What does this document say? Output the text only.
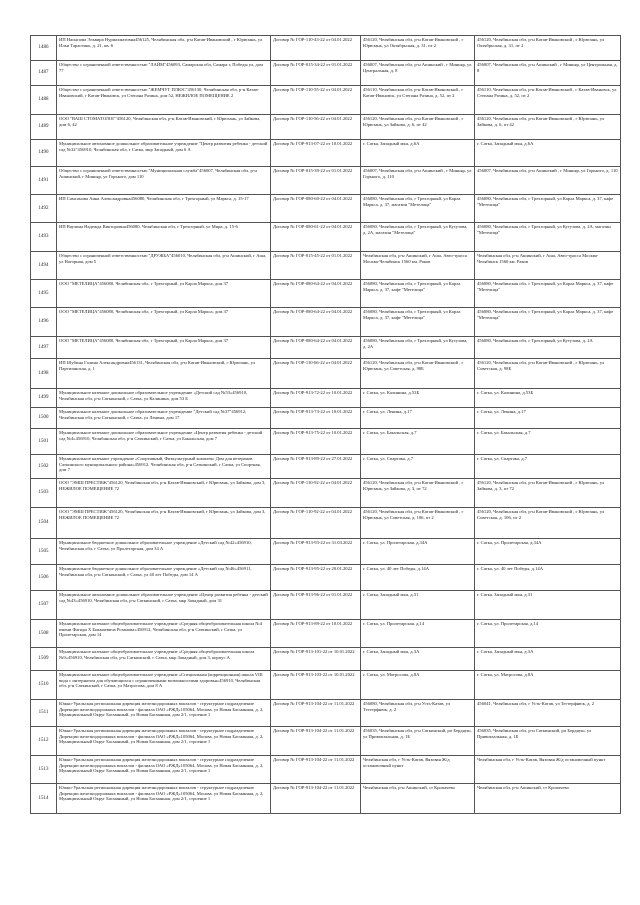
1486	ИП Насыпова Эльвира Нуриахматовна456125, Челябинская обл, р-н Катав-Ивановский , г Юрюзань, ул Ильи Тарасенко, д. 21, кв. 6	Договор № ГОР-110-43-22 от 04.01.2022	456120, Челябинская обл, р-н Катав-Ивановский , г Юрюзань, ул Октябрьская, д. 31, пт 2	456120, Челябинская обл, р-н Катав-Ивановский , г Юрюзань, ул Октябрьская, д. 31, пт 2
1487	Общество с ограниченной ответственностью "ЛАЙМ"456093, Самарская обл, Самара г, Победы ул, дом 77	Договор № ГОР-015-34-22 от 01.01.2022	456007, Челябинская обл, р-н Ашинский , г Миньяр, ул Центральная, д. 8	456007, Челябинская обл, р-н Ашинский , г Миньяр, ул Центральная, д. 8
1488	Общество с ограниченной ответственностью "ЖЕМЧУГ ПЛЮС"456130, Челябинская обл, р-н Катав-Ивановский, г Катав-Ивановск, ул Степана Разина, дом 52, НЕЖИЛОЕ ПОМЕЩЕНИЕ 2	Договор № ГОР-110-55-22 от 04.01.2022	456110, Челябинская обл, р-н Катав-Ивановский , г Катав-Ивановск, ул Степана Разина, д. 52, пт 2	456110, Челябинская обл, р-н Катав-Ивановский , г Катав-Ивановск, ул Степана Разина, д. 52, пт 2
1489	ООО "ВАШ СТОМАТОЛОГ"456120, Челябинская обл, р-н Катав-Ивановский, г Юрюзань, ул Зайкова, дом 6, 42	Договор № ГОР-110-56-22 от 04.01.2022	456120, Челябинская обл, р-н Катав-Ивановский , г Юрюзань, ул Зайкова, д. 6, пт 42	456120, Челябинская обл, р-н Катав-Ивановский , г Юрюзань, ул Зайкова, д. 6, пт 42
1490	Муниципальное автономное дошкольное образовательное учреждение "Центр развития ребенка - детский сад №32"456910, Челябинская обл, г Сатка, мкр Западный, дом 6 А	Договор № ГОР-913-07-22 от 10.01.2022	г. Сатка, Западный мкн, д.6А	г. Сатка, Западный мкн, д.6А
1491	Общество с ограниченной ответственностью "Муниципальная служба"456007, Челябинская обл, р-н Ашинский, г Миньяр, ул Горького, дом 110	Договор № ГОР-015-39-22 от 01.01.2022	456007, Челябинская обл, р-н Ашинский , г Миньяр, ул Горького, д. 110	456007, Челябинская обл, р-н Ашинский , г Миньяр, ул Горького, д. 110
1492	ИП Самсонова Анна Александровна456080, Челябинская обл, г Трехгорный, ул Маркса, д. 15-17	Договор № ГОР-080-60-22 от 04.01.2022	456080, Челябинская обл, г Трехгорный, ул Карла Маркса, д. 37, магазин "Метелица"	456080, Челябинская обл, г Трехгорный, ул Карла Маркса, д. 37, кафе "Метелица"
1493	ИП Ваулина Надежда Викторовна456080, Челябинская обл, г Трехгорный, ул Мира, д. 15-6	Договор № ГОР-080-61-22 от 04.01.2022	456080, Челябинская обл, г Трехгорный, ул Кутузова, д. 2А, магазин "Метелица"	456080, Челябинская обл, г Трехгорный, ул Кутузова, д. 2А, магазин "Метелица"
1494	Общество с ограниченной ответственностью "ДРУЖБА"456010, Челябинская обл, р-н Ашинский, г Аша, ул Нагорная, дом 5	Договор № ГОР-015-45-22 от 01.01.2022	Челябинская обл, р-н Ашинский, г Аша, Авто-трасса Москва-Челябинск 1560 км. Раков	Челябинская обл, р-н Ашинский, г Аша, Авто-трасса Москва-Челябинск 1560 км. Раков
1495	ООО "МЕТЕЛИЦА"456080, Челябинская обл, г Трехгорный, ул Карла Маркса, дом 37	Договор № ГОР-080-64-22 от 04.01.2022	456080, Челябинская обл, г Трехгорный, ул Карла Маркса, д. 37, кафе "Метелица"	456080, Челябинская обл, г Трехгорный, ул Карла Маркса, д. 37, кафе "Метелица"
1496	ООО "МЕТЕЛИЦА"456080, Челябинская обл, г Трехгорный, ул Карла Маркса, дом 37	Договор № ГОР-080-64-22 от 04.01.2022	456080, Челябинская обл, г Трехгорный, ул Карла Маркса, д. 37, кафе "Метелица"	456080, Челябинская обл, г Трехгорный, ул Карла Маркса, д. 37, кафе "Метелица"
1497	ООО "МЕТЕЛИЦА"456080, Челябинская обл, г Трехгорный, ул Карла Маркса, дом 37	Договор № ГОР-080-64-22 от 04.01.2022	456080, Челябинская обл, г Трехгорный, ул Кутузова, д. 2А	456080, Челябинская обл, г Трехгорный, ул Кутузова, д. 2А
1498	ИП Шубина Галина Александровна456131, Челябинская обл, р-н Катав-Ивановский, г Юрюзань, ул Партизанская, д. 1	Договор № ГОР-110-66-22 от 04.01.2022	456120, Челябинская обл, р-н Катав-Ивановский , г Юрюзань, ул Советская, д. 98Б	456120, Челябинская обл, р-н Катав-Ивановский , г Юрюзань, ул Советская, д. 98Б
1499	Муниципальное казенное дошкольное образовательное учреждение «Детский сад №53»456910, Челябинская обл, р-н Саткинский, г Сатка, ул Калинина, дом 53 Б	Договор № ГОР-913-72-22 от 10.01.2022	г. Сатка, ул. Калинина, д.53Б	г. Сатка, ул. Калинина, д.53Б
1500	Муниципальное казенное дошкольное образовательное учреждение "Детский сад №37"456912, Челябинская обл, р-н Саткинский, г Сатка, ул Ленина, дом 17	Договор № ГОР-913-73-22 от 10.01.2022	г. Сатка, ул. Ленина, д.17	г. Сатка, ул. Ленина, д.17
1501	Муниципальное казенное дошкольное образовательное учреждение «Центр развития ребенка - детский сад №4»456910, Челябинская обл, р-н Саткинский, г Сатка, ул Бакальская, дом 7	Договор № ГОР-913-75-22 от 10.01.2022	г. Сатка, ул. Бакальская, д.7	г. Сатка, ул. Бакальская, д.7
1502	Муниципальное казенное учреждение «Спортивный, Физкультурный комплекс Дом для ветеранов Саткинского муниципального района»456912, Челябинская обл, р-н Саткинский, г Сатка, ул Спортная, дом 7	Договор № ГОР-913-89-22 от 27.01.2022	г. Сатка, ул. Спартака, д.7	г. Сатка, ул. Спартака, д.7
1503	ООО "ЭМШ ПРЕСТИЖ"456120, Челябинская обл, р-н Катав-Ивановский, г Юрюзань, ул Зайкова, дом 3, НЕЖИЛОЕ ПОМЕЩЕНИЕ 72	Договор № ГОР-110-92-22 от 04.01.2022	456120, Челябинская обл, р-н Катав-Ивановский , г Юрюзань, ул Зайкова, д. 3, пт 72	456120, Челябинская обл, р-н Катав-Ивановский , г Юрюзань, ул Зайкова, д. 3, пт 72
1504	ООО "ЭМШ ПРЕСТИЖ"456120, Челябинская обл, р-н Катав-Ивановский, г Юрюзань, ул Зайкова, дом 3, НЕЖИЛОЕ ПОМЕЩЕНИЕ 72	Договор № ГОР-110-92-22 от 04.01.2022	456120, Челябинская обл, р-н Катав-Ивановский , г Юрюзань, ул Советская, д. 106, пт 2	456120, Челябинская обл, р-н Катав-Ивановский , г Юрюзань, ул Советская, д. 106, пт 2
1505	Муниципальное бюджетное дошкольное образовательное учреждение «Детский сад №42»456910, Челябинская обл, г Сатка, ул Пролетарская, дом 34 А	Договор № ГОР-913-93-22 от 31.03.2022	г. Сатка, ул. Пролетарская, д.34А	г. Сатка, ул. Пролетарская, д.34А
1506	Муниципальное бюджетное дошкольное образовательное учреждение «Детский сад №46»456911, Челябинская обл, р-н Саткинский, г Сатка, ул 40 лет Победы, дом 14 А	Договор № ГОР-913-95-22 от 20.01.2022	г. Сатка, ул. 40 лет Победы, д.14А	г. Сатка, ул. 40 лет Победы, д.14А
1507	Муниципальное автономное дошкольное образовательное учреждение «Центр развития ребенка - детский сад №43»456910, Челябинская обл, р-н Саткинский, г Сатка, мкр Западный, дом 31	Договор № ГОР-913-96-22 от 01.01.2022	г. Сатка, Западный мкн, д.31	г. Сатка, Западный мкн, д.31
1508	Муниципальное казенное общеобразовательное учреждение «Средняя общеобразовательная школа №4 имени Фагира Х Бикмаевича Розанова»456912, Челябинская обл, р-н Саткинский, г Сатка, ул Пролетарская, дом 14	Договор № ГОР-913-89-22 от 10.01.2022	г. Сатка, ул. Пролетарская, д.14	г. Сатка, ул. Пролетарская, д.14
1509	Муниципальное казенное общеобразовательное учреждение «Средняя общеобразовательная школа №9»456910, Челябинская обл, р-н Саткинский, г Сатка, мкр Западный, дом 3, корпус А	Договор № ГОР-913-101-22 от 10.01.2022	г. Сатка, Западный мкн, д.3А	г. Сатка, Западный мкн, д.3А
1510	Муниципальное казенное общеобразовательное учреждение «Специальная (коррекционная) школа VIII вида с интернатом для обучающихся с ограниченными возможностями здоровья»456910, Челябинская обл, р-н Саткинский, г Сатка, ул Матросова, дом 8 А	Договор № ГОР-913-103-22 от 10.01.2022	г. Сатка, ул. Матросова, д.8А	г. Сатка, ул. Матросова, д.8А
1511	Южно-Уральская региональная дирекция железнодорожных вокзалов - структурное подразделение Дирекции железнодорожных вокзалов - филиала ОАО «РЖД»105064, Москва, ул Новая Басманная, д. 2, Муниципальный Округ Басманный, ул Новая Басманная, дом 2/1, строение 1	Договор № ГОР-913-104-22 от 11.01.2022	456080, Челябинская обл, р-н Усть-Катав, ул Тегтерфнюк, д. 2	456041, Челябинская обл, г Усть-Катав, ул Тегтерфнюк, д. 2
1512	Южно-Уральская региональная дирекция железнодорожных вокзалов - структурное подразделение Дирекции железнодорожных вокзалов - филиала ОАО «РЖД»105064, Москва, ул Новая Басманная, д. 2, Муниципальный Округ Басманный, ул Новая Басманная, дом 2/1, строение 1	Договор № ГОР-913-104-22 от 11.01.2022	456035, Челябинская обл, р-н Саткинский, рп Бердяуш, ул Привокзальная, д. 1Б	456035, Челябинская обл, р-н Саткинский, рп Бердяуш, ул Привокзальная, д. 1Б
1513	Южно-Уральская региональная дирекция железнодорожных вокзалов - структурное подразделение Дирекции железнодорожных вокзалов - филиала ОАО «РЖД»105064, Москва, ул Новая Басманная, д. 2, Муниципальный Округ Басманный, ул Новая Басманная, дом 2/1, строение 1	Договор № ГОР-913-104-22 от 11.01.2022	Челябинская обл, г Усть-Катав, Вязовая Ж/д остановочный пункт	Челябинская обл, г Усть-Катав, Вязовая Ж/д остановочный пункт
1514	Южно-Уральская региональная дирекция железнодорожных вокзалов - структурное подразделение Дирекции железнодорожных вокзалов - филиала ОАО «РЖД»105064, Москва, ул Новая Басманная, д. 2, Муниципальный Округ Басманный, ул Новая Басманная, дом 2/1, строение 1	Договор № ГОР-913-104-22 от 11.01.2022	Челябинская обл, р-н Ашинский, ст Кропачево	Челябинская обл, р-н Ашинский, ст Кропачево
